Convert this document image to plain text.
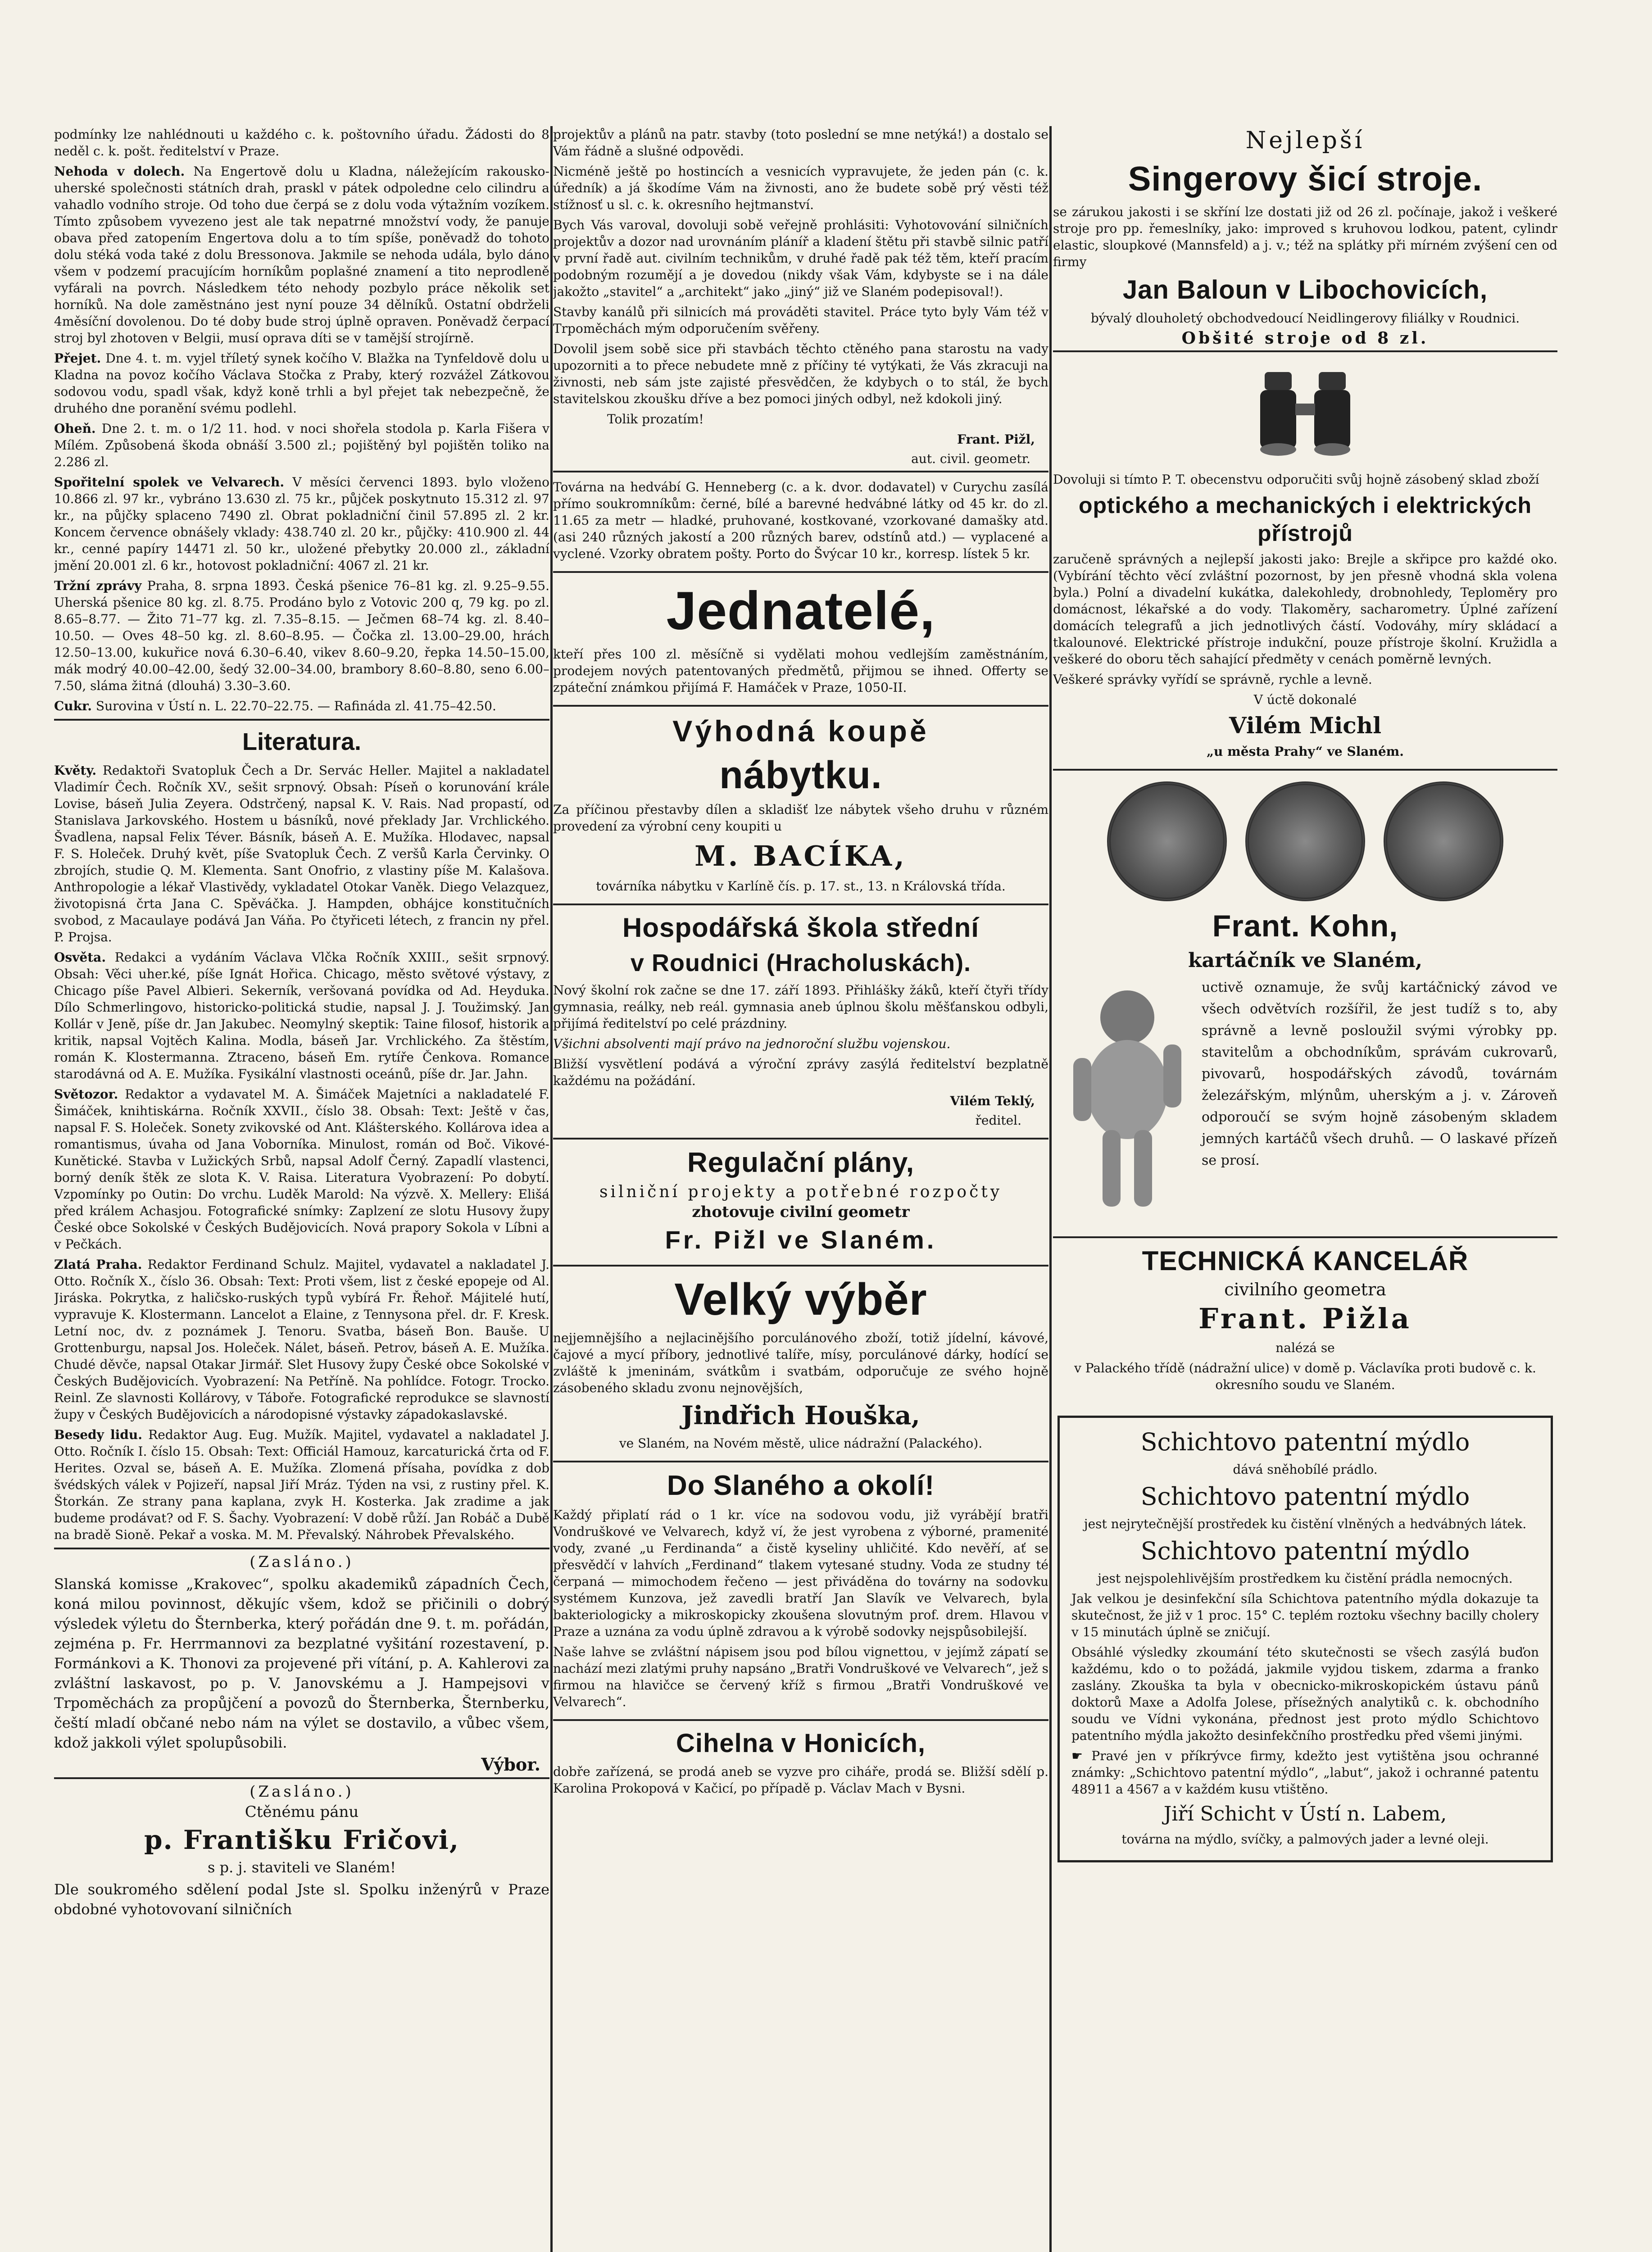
podmínky lze nahlédnouti u každého c. k. poštovního úřadu. Žádosti do 8 neděl c. k. pošt. ředitelství v Praze.

Nehoda v dolech. Na Engertově dolu u Kladna, náležejícím rakousko-uherské společnosti státních drah, praskl v pátek odpoledne celo cilindru a vahadlo vodního stroje. Od toho due čerpá se z dolu voda výtažním vozíkem. Tímto způsobem vyvezeno jest ale tak nepatrné množství vody, že panuje obava před zatopením Engertova dolu a to tím spíše, poněvadž do tohoto dolu stéká voda také z dolu Bressonova. Jakmile se nehoda udála, bylo dáno všem v podzemí pracujícím horníkům poplašné znamení a tito neprodleně vyfárali na povrch. Následkem této nehody pozbylo práce několik set horníků. Na dole zaměstnáno jest nyní pouze 34 dělníků. Ostatní obdrželi 4měsíční dovolenou. Do té doby bude stroj úplně opraven. Poněvadž čerpací stroj byl zhotoven v Belgii, musí oprava díti se v tamější strojírně.

Přejet. Dne 4. t. m. vyjel tříletý synek kočího V. Blažka na Tynfeldově dolu u Kladna na povoz kočího Václava Stočka z Praby, který rozvážel Zátkovou sodovou vodu, spadl však, když koně trhli a byl přejet tak nebezpečně, že druhého dne poranění svému podlehl.

Oheň. Dne 2. t. m. o 1/2 11. hod. v noci shořela stodola p. Karla Fišera v Mílém. Způsobená škoda obnáší 3.500 zl.; pojištěný byl pojištěn toliko na 2.286 zl.

Spořitelní spolek ve Velvarech. V měsíci červenci 1893. bylo vloženo 10.866 zl. 97 kr., vybráno 13.630 zl. 75 kr., půjček poskytnuto 15.312 zl. 97 kr., na půjčky splaceno 7490 zl. Obrat pokladniční činil 57.895 zl. 2 kr. Koncem července obnášely vklady: 438.740 zl. 20 kr., půjčky: 410.900 zl. 44 kr., cenné papíry 14471 zl. 50 kr., uložené přebytky 20.000 zl., základní jmění 20.001 zl. 6 kr., hotovost pokladniční: 4067 zl. 21 kr.

Tržní zprávy Praha, 8. srpna 1893. Česká pšenice 76–81 kg. zl. 9.25–9.55. Uherská pšenice 80 kg. zl. 8.75. Prodáno bylo z Votovic 200 q, 79 kg. po zl. 8.65–8.77. — Žito 71–77 kg. zl. 7.35–8.15. — Ječmen 68–74 kg. zl. 8.40–10.50. — Oves 48–50 kg. zl. 8.60–8.95. — Čočka zl. 13.00–29.00, hrách 12.50–13.00, kukuřice nová 6.30–6.40, vikev 8.60–9.20, řepka 14.50–15.00, mák modrý 40.00–42.00, šedý 32.00–34.00, brambory 8.60–8.80, seno 6.00–7.50, sláma žitná (dlouhá) 3.30–3.60.

Cukr. Surovina v Ústí n. L. 22.70–22.75. — Rafináda zl. 41.75–42.50.

Literatura.

Květy. Redaktoři Svatopluk Čech a Dr. Servác Heller. Majitel a nakladatel Vladimír Čech. Ročník XV., sešit srpnový. Obsah: Píseň o korunování krále Lovise, báseň Julia Zeyera. Odstrčený, napsal K. V. Rais. Nad propastí, od Stanislava Jarkovského. Hostem u básníků, nové překlady Jar. Vrchlického. Švadlena, napsal Felix Téver. Básník, báseň A. E. Mužíka. Hlodavec, napsal F. S. Holeček. Druhý květ, píše Svatopluk Čech. Z veršů Karla Červinky. O zbrojích, studie Q. M. Klementa. Sant Onofrio, z vlastiny píše M. Kalašova. Anthropologie a lékař Vlastivědy, vykladatel Otokar Vaněk. Diego Velazquez, životopisná črta Jana C. Spěváčka. J. Hampden, obhájce konstitučních svobod, z Macaulaye podává Jan Váňa. Po čtyřiceti létech, z francin ny přel. P. Projsa.

Osvěta. Redakci a vydáním Václava Vlčka Ročník XXIII., sešit srpnový. Obsah: Věci uher.ké, píše Ignát Hořica. Chicago, město světové výstavy, z Chicago píše Pavel Albieri. Sekerník, veršovaná povídka od Ad. Heyduka. Dílo Schmerlingovo, historicko-politická studie, napsal J. J. Toužimský. Jan Kollár v Jeně, píše dr. Jan Jakubec. Neomylný skeptik: Taine filosof, historik a kritik, napsal Vojtěch Kalina. Modla, báseň Jar. Vrchlického. Za štěstím, román K. Klostermanna. Ztraceno, báseň Em. rytíře Čenkova. Romance starodávná od A. E. Mužíka. Fysikální vlastnosti oceánů, píše dr. Jar. Jahn.

Světozor. Redaktor a vydavatel M. A. Šimáček Majetníci a nakladatelé F. Šimáček, knihtiskárna. Ročník XXVII., číslo 38. Obsah: Text: Ještě v čas, napsal F. S. Holeček. Sonety zvikovské od Ant. Klášterského. Kollárova idea a romantismus, úvaha od Jana Voborníka. Minulost, román od Boč. Vikové-Kunětické. Stavba v Lužických Srbů, napsal Adolf Černý. Zapadlí vlastenci, borný deník štěk ze slota K. V. Raisa. Literatura Vyobrazení: Po dobytí. Vzpomínky po Outin: Do vrchu. Luděk Marold: Na výzvě. X. Mellery: Elišá před králem Achasjou. Fotografické snímky: Zaplzení ze slotu Husovy župy České obce Sokolské v Českých Budějovicích. Nová prapory Sokola v Líbni a v Pečkách.

Zlatá Praha. Redaktor Ferdinand Schulz. Majitel, vydavatel a nakladatel J. Otto. Ročník X., číslo 36. Obsah: Text: Proti všem, list z české epopeje od Al. Jiráska. Pokrytka, z haličsko-ruských typů vybírá Fr. Řehoř. Májitelé hutí, vypravuje K. Klostermann. Lancelot a Elaine, z Tennysona přel. dr. F. Kresk. Letní noc, dv. z poznámek J. Tenoru. Svatba, báseň Bon. Bauše. U Grottenburgu, napsal Jos. Holeček. Nálet, báseň. Petrov, báseň A. E. Mužíka. Chudé děvče, napsal Otakar Jirmář. Slet Husovy župy České obce Sokolské v Českých Budějovicích. Vyobrazení: Na Petříně. Na pohlídce. Fotogr. Trocko. Reinl. Ze slavnosti Kollárovy, v Táboře. Fotografické reprodukce se slavností župy v Českých Budějovicích a národopisné výstavky západokaslavské.

Besedy lidu. Redaktor Aug. Eug. Mužík. Majitel, vydavatel a nakladatel J. Otto. Ročník I. číslo 15. Obsah: Text: Officiál Hamouz, karcaturická črta od F. Herites. Ozval se, báseň A. E. Mužíka. Zlomená přísaha, povídka z dob švédských válek v Pojizeří, napsal Jiří Mráz. Týden na vsi, z rustiny přel. K. Štorkán. Ze strany pana kaplana, zvyk H. Kosterka. Jak zradime a jak budeme prodávat? od F. S. Šachy. Vyobrazení: V době růží. Jan Robáč a Dubě na bradě Sioně. Pekař a voska. M. M. Převalský. Náhrobek Převalského.

(Zasláno.)

Slanská komisse „Krakovec“, spolku akademiků západních Čech, koná milou povinnost, děkujíc všem, kdož se přičinili o dobrý výsledek výletu do Šternberka, který pořádán dne 9. t. m. pořádán, zejména p. Fr. Herrmannovi za bezplatné vyšitání rozestavení, p. Formánkovi a K. Thonovi za projevené při vítání, p. A. Kahlerovi za zvláštní laskavost, po p. V. Janovskému a J. Hampejsovi v Trpoměchách za propůjčení a povozů do Šternberka, Šternberku, čeští mladí občané nebo nám na výlet se dostavilo, a vůbec všem, kdož jakkoli výlet spolupůsobili.

Výbor.

(Zasláno.)

Ctěnému pánu

p. Františku Fričovi,

s p. j. staviteli ve Slaném!

Dle soukromého sdělení podal Jste sl. Spolku inženýrů v Praze obdobné vyhotovovaní silničních

projektův a plánů na patr. stavby (toto poslední se mne netýká!) a dostalo se Vám řádně a slušné odpovědi.

Nicméně ještě po hostincích a vesnicích vypravujete, že jeden pán (c. k. úředník) a já škodíme Vám na živnosti, ano že budete sobě prý věsti též stížnosť u sl. c. k. okresního hejtmanství.

Bych Vás varoval, dovoluji sobě veřejně prohlásiti: Vyhotovování silničních projektův a dozor nad urovnáním pláníř a kladení štětu při stavbě silnic patří v první řadě aut. civilním technikům, v druhé řadě pak též těm, kteří pracím podobným rozumějí a je dovedou (nikdy však Vám, kdybyste se i na dále jakožto „stavitel“ a „architekt“ jako „jiný“ již ve Slaném podepisoval!).

Stavby kanálů při silnicích má prováděti stavitel. Práce tyto byly Vám též v Trpoměchách mým odporučením svěřeny.

Dovolil jsem sobě sice při stavbách těchto ctěného pana starostu na vady upozorniti a to přece nebudete mně z příčiny té vytýkati, že Vás zkracuji na živnosti, neb sám jste zajisté přesvědčen, že kdybych o to stál, že bych stavitelskou zkoušku dříve a bez pomoci jiných odbyl, než kdokoli jiný.

Tolik prozatím!

Frant. Pižl,

aut. civil. geometr.

Továrna na hedvábí G. Henneberg (c. a k. dvor. dodavatel) v Curychu zasílá přímo soukromníkům: černé, bílé a barevné hedvábné látky od 45 kr. do zl. 11.65 za metr — hladké, pruhované, kostkované, vzorkované damašky atd. (asi 240 různých jakostí a 200 různých barev, odstínů atd.) — vyplacené a vyclené. Vzorky obratem pošty. Porto do Švýcar 10 kr., korresp. lístek 5 kr.

Jednatelé,

kteří přes 100 zl. měsíčně si vydělati mohou vedlejším zaměstnáním, prodejem nových patentovaných předmětů, přijmou se ihned. Offerty se zpáteční známkou přijímá F. Hamáček v Praze, 1050-II.

Výhodná koupě

nábytku.

Za příčinou přestavby dílen a skladišť lze nábytek všeho druhu v různém provedení za výrobní ceny koupiti u

M. BACÍKA,

továrníka nábytku v Karlíně čís. p. 17. st., 13. n Královská třída.

Hospodářská škola střední

v Roudnici (Hracholuskách).

Nový školní rok začne se dne 17. září 1893. Přihlášky žáků, kteří čtyři třídy gymnasia, reálky, neb reál. gymnasia aneb úplnou školu měšťanskou odbyli, přijímá ředitelství po celé prázdniny.

Všichni absolventi mají právo na jednoroční službu vojenskou.

Bližší vysvětlení podává a výroční zprávy zasýlá ředitelství bezplatně každému na požádání.

Vilém Teklý,

ředitel.

Regulační plány,

silniční projekty a potřebné rozpočty

zhotovuje civilní geometr

Fr. Pižl ve Slaném.

Velký výběr

nejjemnějšího a nejlacinějšího porculánového zboží, totiž jídelní, kávové, čajové a mycí příbory, jednotlivé talíře, mísy, porculánové dárky, hodící se zvláště k jmeninám, svátkům i svatbám, odporučuje ze svého hojně zásobeného skladu zvonu nejnovějších,

Jindřich Houška,

ve Slaném, na Novém městě, ulice nádražní (Palackého).

Do Slaného a okolí!

Každý připlatí rád o 1 kr. více na sodovou vodu, již vyrábějí bratři Vondruškové ve Velvarech, když ví, že jest vyrobena z výborné, pramenité vody, zvané „u Ferdinanda“ a čistě kyseliny uhličité. Kdo nevěří, ať se přesvědčí v lahvích „Ferdinand“ tlakem vytesané studny. Voda ze studny té čerpaná — mimochodem řečeno — jest přiváděna do továrny na sodovku systémem Kunzova, jež zavedli bratří Jan Slavík ve Velvarech, byla bakteriologicky a mikroskopicky zkoušena slovutným prof. drem. Hlavou v Praze a uznána za vodu úplně zdravou a k výrobě sodovky nejspůsobilejší.

Naše lahve se zvláštní nápisem jsou pod bílou vignettou, v jejímž zápatí se nachází mezi zlatými pruhy napsáno „Bratři Vondruškové ve Velvarech“, jež s firmou na hlavičce se červený kříž s firmou „Bratři Vondruškové ve Velvarech“.

Cihelna v Honicích,

dobře zařízená, se prodá aneb se vyzve pro ciháře, prodá se. Bližší sdělí p. Karolina Prokopová v Kačicí, po případě p. Václav Mach v Bysni.

Nejlepší

Singerovy šicí stroje.

se zárukou jakosti i se skříní lze dostati již od 26 zl. počínaje, jakož i veškeré stroje pro pp. řemeslníky, jako: improved s kruhovou lodkou, patent, cylindr elastic, sloupkové (Mannsfeld) a j. v.; též na splátky při mírném zvýšení cen od firmy

Jan Baloun v Libochovicích,

bývalý dlouholetý obchodvedoucí Neidlingerovy filiálky v Roudnici.

Obšité stroje od 8 zl.

Dovoluji si tímto P. T. obecenstvu odporučiti svůj hojně zásobený sklad zboží

optického a mechanických i elektrických přístrojů

zaručeně správných a nejlepší jakosti jako: Brejle a skřipce pro každé oko. (Vybírání těchto věcí zvláštní pozornost, by jen přesně vhodná skla volena byla.) Polní a divadelní kukátka, dalekohledy, drobnohledy, Teploměry pro domácnost, lékařské a do vody. Tlakoměry, sacharometry. Úplné zařízení domácích telegrafů a jich jednotlivých částí. Vodováhy, míry skládací a tkalounové. Elektrické přístroje indukční, pouze přístroje školní. Kružidla a veškeré do oboru těch sahající předměty v cenách poměrně levných.

Veškeré správky vyřídí se správně, rychle a levně.

V úctě dokonalé

Vilém Michl

„u města Prahy“ ve Slaném.

Frant. Kohn,

kartáčník ve Slaném,

uctivě oznamuje, že svůj kartáčnický závod ve všech odvětvích rozšířil, že jest tudíž s to, aby správně a levně posloužil svými výrobky pp. stavitelům a obchodníkům, správám cukrovarů, pivovarů, hospodářských závodů, továrnám železářským, mlýnům, uherským a j. v. Zároveň odporoučí se svým hojně zásobeným skladem jemných kartáčů všech druhů. — O laskavé přízeň se prosí.

TECHNICKÁ KANCELÁŘ

civilního geometra

Frant. Pižla

nalézá se

v Palackého třídě (nádražní ulice) v domě p. Václavíka proti budově c. k. okresního soudu ve Slaném.

Schichtovo patentní mýdlo

dává sněhobílé prádlo.

Schichtovo patentní mýdlo

jest nejrytečnější prostředek ku čistění vlněných a hedvábných látek.

Schichtovo patentní mýdlo

jest nejspolehlivějším prostředkem ku čistění prádla nemocných.

Jak velkou je desinfekční síla Schichtova patentního mýdla dokazuje ta skutečnost, že již v 1 proc. 15° C. teplém roztoku všechny bacilly cholery v 15 minutách úplně se zničují.

Obsáhlé výsledky zkoumání této skutečnosti se všech zasýlá buďon každému, kdo o to požádá, jakmile vyjdou tiskem, zdarma a franko zaslány. Zkouška ta byla v obecnicko-mikroskopickém ústavu pánů doktorů Maxe a Adolfa Jolese, přísežných analytiků c. k. obchodního soudu ve Vídni vykonána, přednost jest proto mýdlo Schichtovo patentního mýdla jakožto desinfekčního prostředku před všemi jinými.

☛ Pravé jen v příkrývce firmy, kdežto jest vytištěna jsou ochranné známky: „Schichtovo patentní mýdlo“, „labut“, jakož i ochranné patentu 48911 a 4567 a v každém kusu vtištěno.

Jiří Schicht v Ústí n. Labem,

továrna na mýdlo, svíčky, a palmových jader a levné oleji.
